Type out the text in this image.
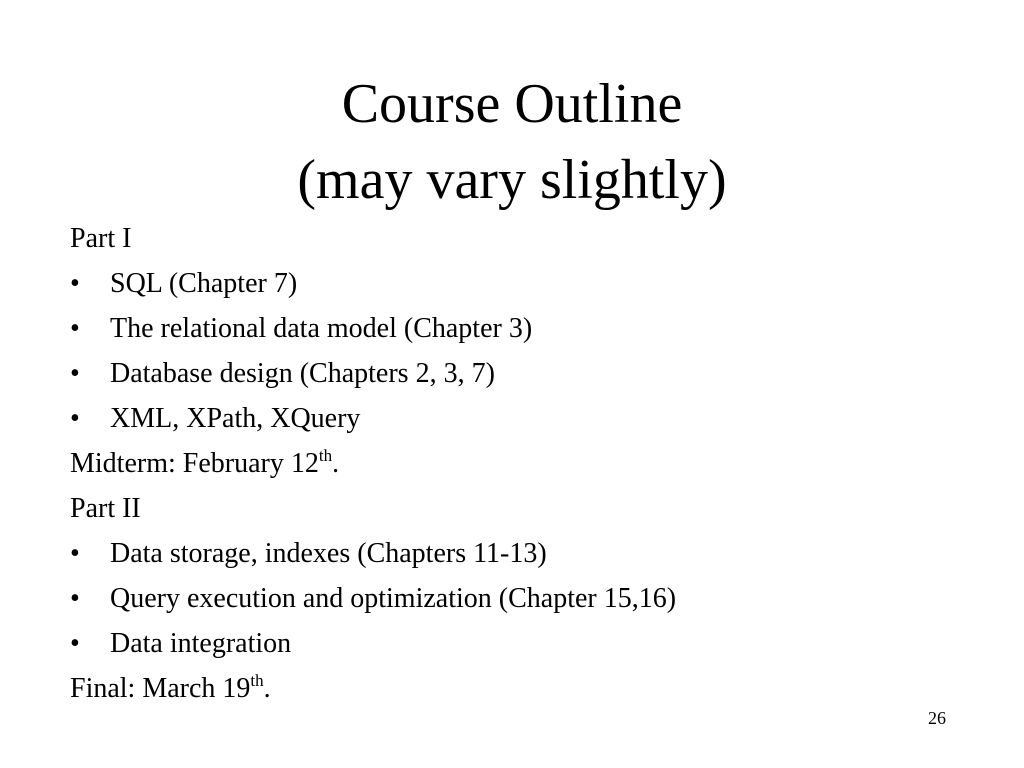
Course Outline
(may vary slightly)
Part I
•	SQL (Chapter 7)
•	The relational data model (Chapter 3)
•	Database design (Chapters 2, 3, 7)
•	XML, XPath, XQuery
Midterm: February 12th.
Part II
•	Data storage, indexes (Chapters 11-13)
•	Query execution and optimization (Chapter 15,16)
•	Data integration
Final: March 19th.
26
